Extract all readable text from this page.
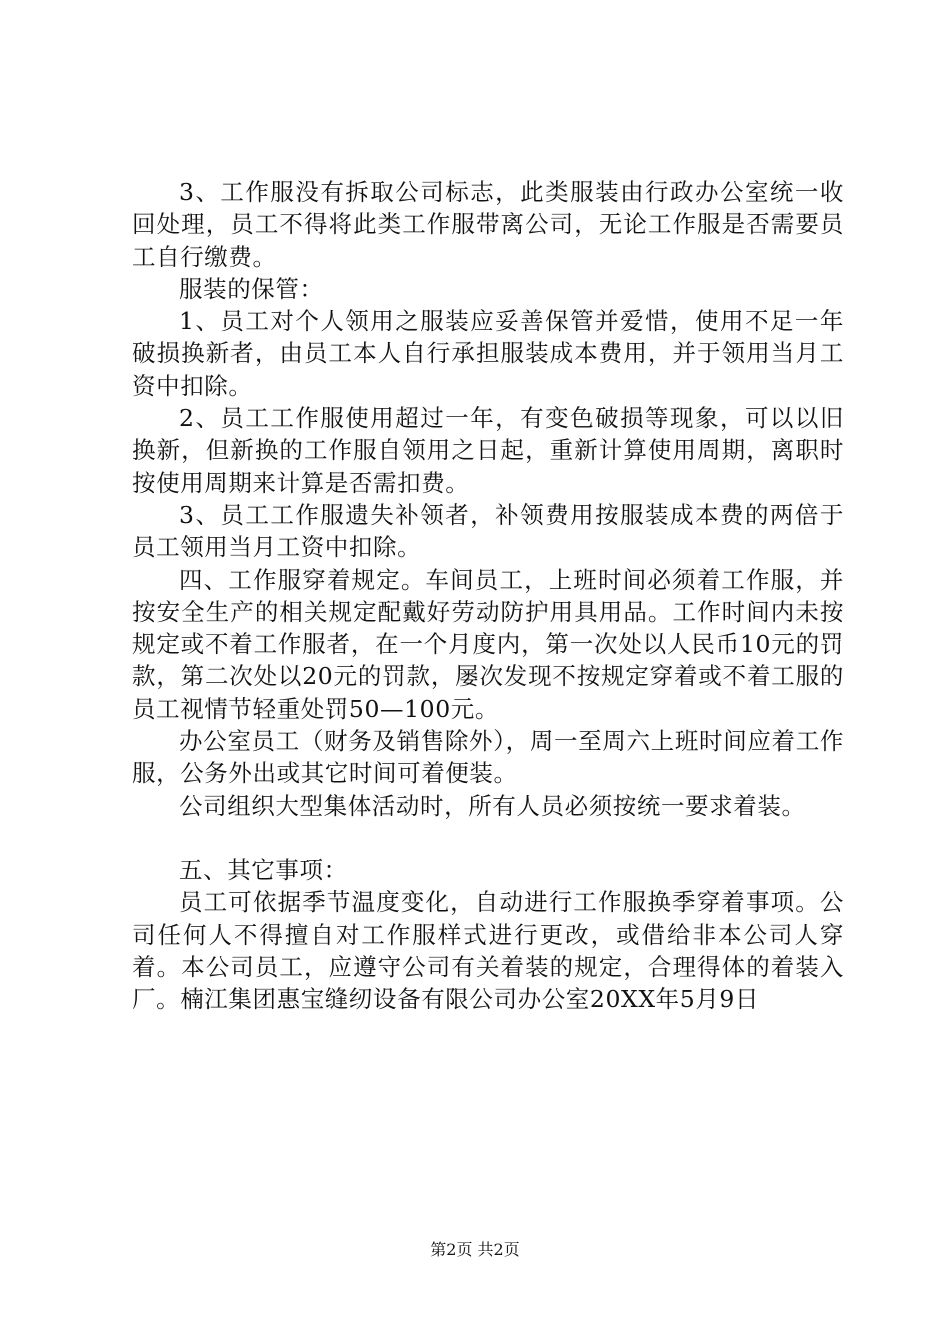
3、工作服没有拆取公司标志，此类服装由行政办公室统一收回处理，员工不得将此类工作服带离公司，无论工作服是否需要员工自行缴费。

服装的保管：

1、员工对个人领用之服装应妥善保管并爱惜，使用不足一年破损换新者，由员工本人自行承担服装成本费用，并于领用当月工资中扣除。

2、员工工作服使用超过一年，有变色破损等现象，可以以旧换新，但新换的工作服自领用之日起，重新计算使用周期，离职时按使用周期来计算是否需扣费。

3、员工工作服遗失补领者，补领费用按服装成本费的两倍于员工领用当月工资中扣除。

四、工作服穿着规定。车间员工，上班时间必须着工作服，并按安全生产的相关规定配戴好劳动防护用具用品。工作时间内未按规定或不着工作服者，在一个月度内，第一次处以人民币10元的罚款，第二次处以20元的罚款，屡次发现不按规定穿着或不着工服的员工视情节轻重处罚50—100元。

办公室员工（财务及销售除外），周一至周六上班时间应着工作服，公务外出或其它时间可着便装。

公司组织大型集体活动时，所有人员必须按统一要求着装。

五、其它事项：

员工可依据季节温度变化，自动进行工作服换季穿着事项。公司任何人不得擅自对工作服样式进行更改，或借给非本公司人穿着。本公司员工，应遵守公司有关着装的规定，合理得体的着装入厂。楠江集团惠宝缝纫设备有限公司办公室20XX年5月9日

第2页 共2页
